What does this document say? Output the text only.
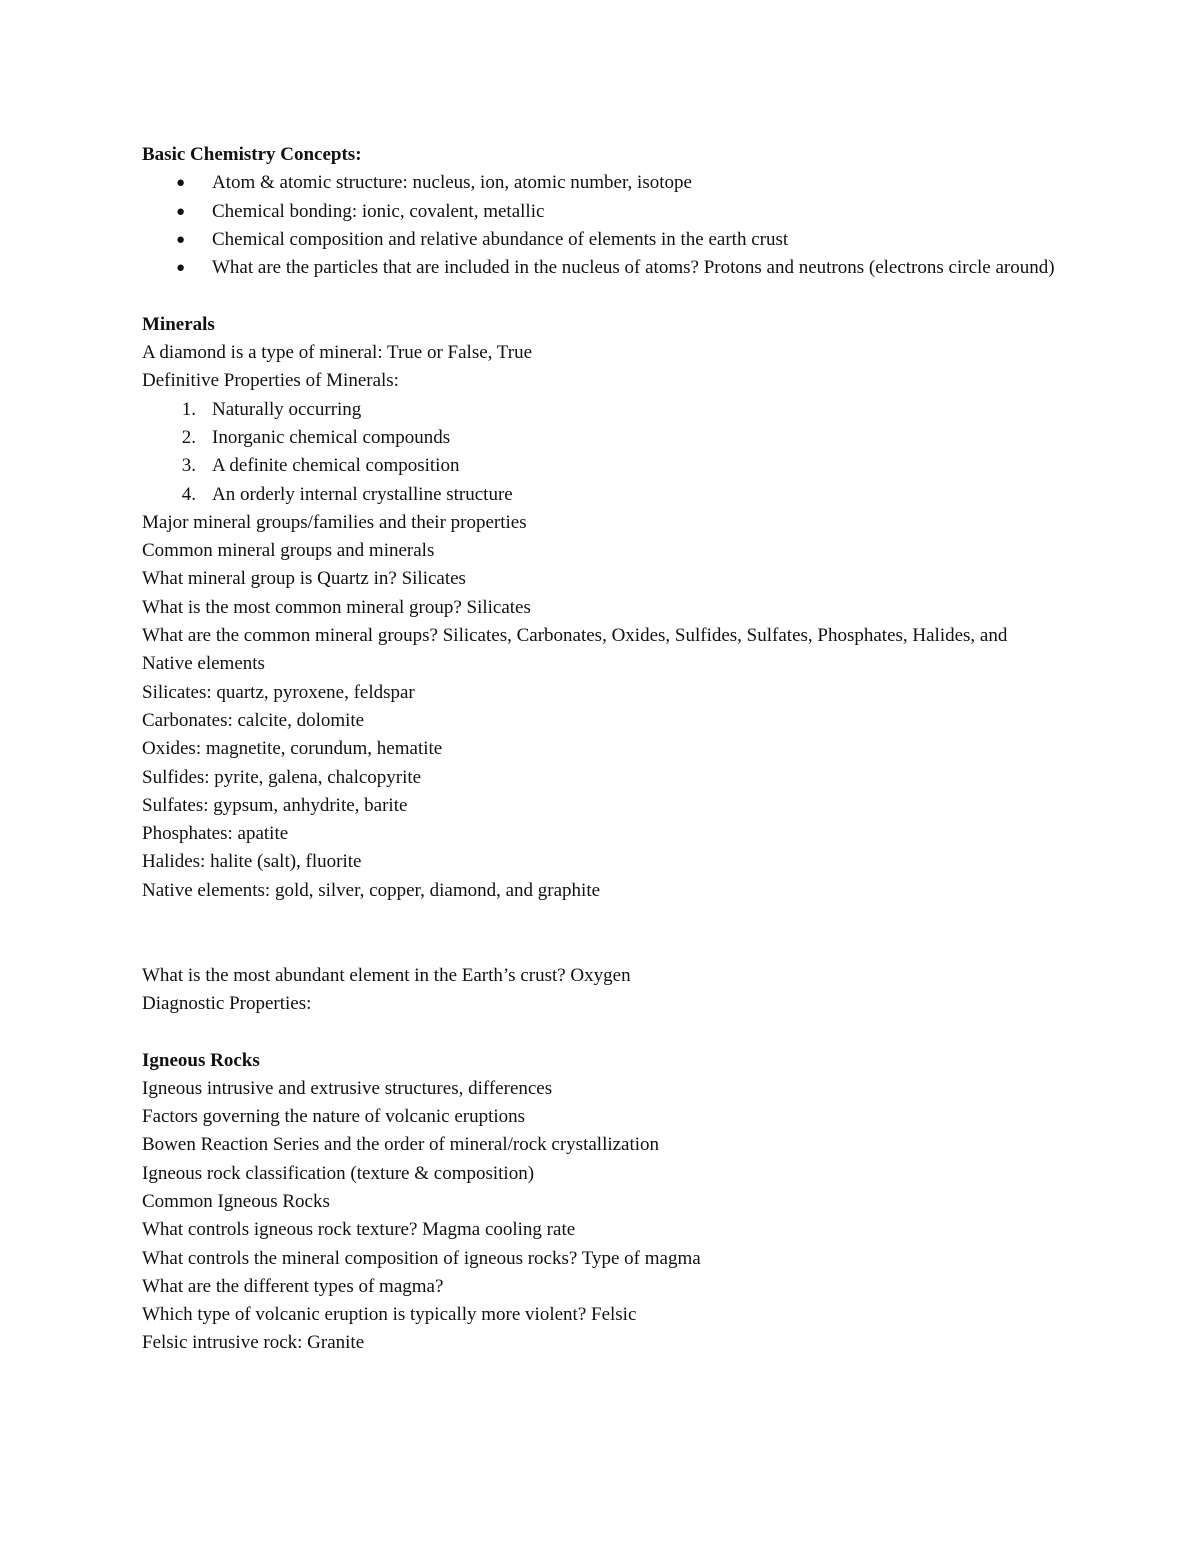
Basic Chemistry Concepts:
● Atom & atomic structure: nucleus, ion, atomic number, isotope
● Chemical bonding: ionic, covalent, metallic
● Chemical composition and relative abundance of elements in the earth crust
● What are the particles that are included in the nucleus of atoms? Protons and neutrons (electrons circle around)
Minerals

A diamond is a type of mineral: True or False, True

Definitive Properties of Minerals:

1. Naturally occurring
2. Inorganic chemical compounds
3. A definite chemical composition
4. An orderly internal crystalline structure

Major mineral groups/families and their properties

Common mineral groups and minerals

What mineral group is Quartz in? Silicates

What is the most common mineral group? Silicates

What are the common mineral groups? Silicates, Carbonates, Oxides, Sulfides, Sulfates, Phosphates, Halides, and Native elements

Silicates: quartz, pyroxene, feldspar

Carbonates: calcite, dolomite

Oxides: magnetite, corundum, hematite

Sulfides: pyrite, galena, chalcopyrite

Sulfates: gypsum, anhydrite, barite

Phosphates: apatite

Halides: halite (salt), fluorite

Native elements: gold, silver, copper, diamond, and graphite

What is the most abundant element in the Earth’s crust? Oxygen

Diagnostic Properties:

Igneous Rocks

Igneous intrusive and extrusive structures, differences

Factors governing the nature of volcanic eruptions

Bowen Reaction Series and the order of mineral/rock crystallization

Igneous rock classification (texture & composition)

Common Igneous Rocks

What controls igneous rock texture? Magma cooling rate

What controls the mineral composition of igneous rocks? Type of magma

What are the different types of magma?

Which type of volcanic eruption is typically more violent? Felsic

Felsic intrusive rock: Granite
